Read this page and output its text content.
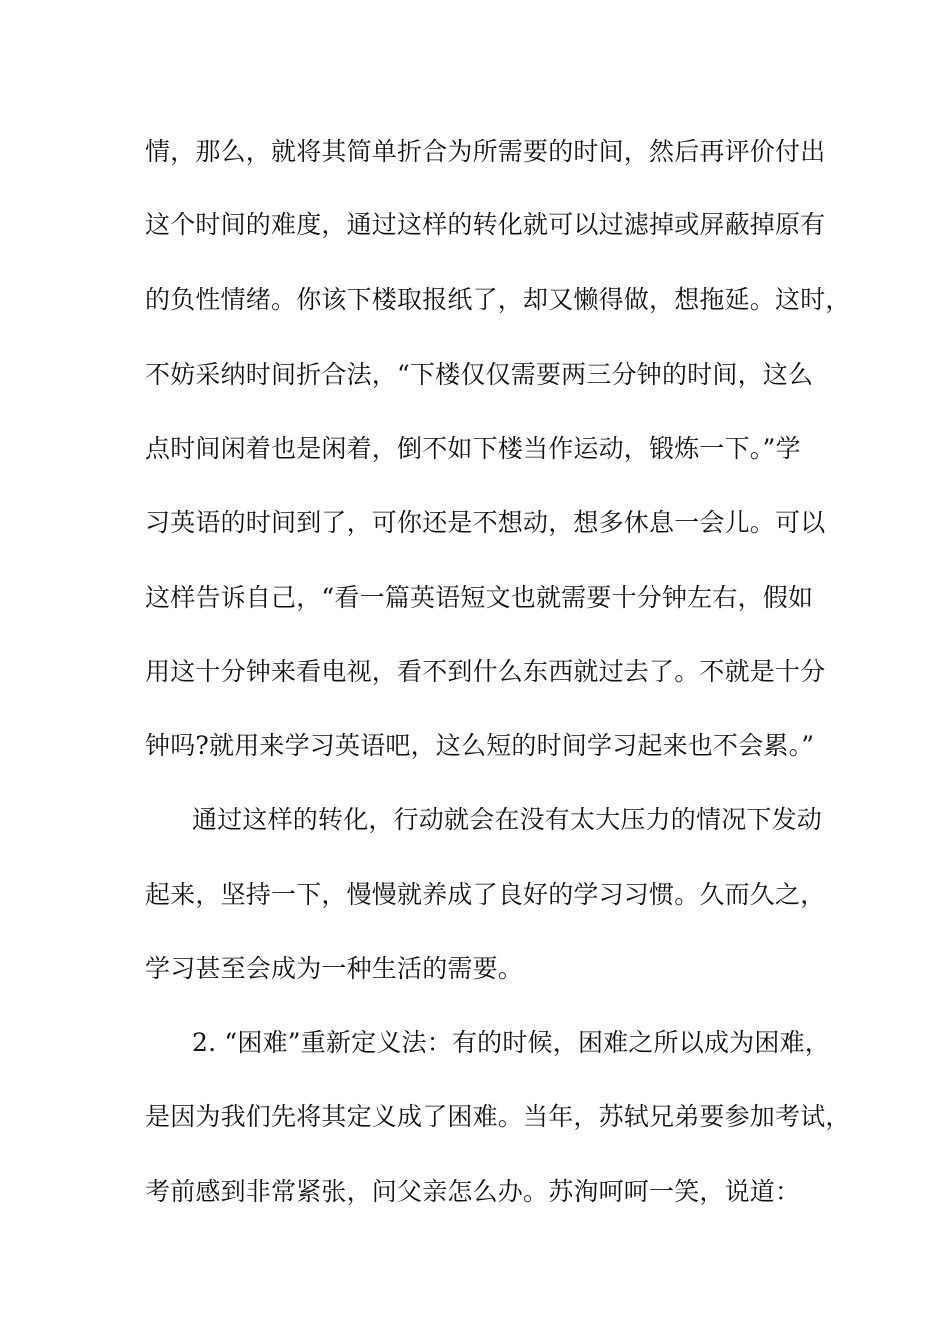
情，那么，就将其简单折合为所需要的时间，然后再评价付出
这个时间的难度，通过这样的转化就可以过滤掉或屏蔽掉原有
的负性情绪。你该下楼取报纸了，却又懒得做，想拖延。这时，
不妨采纳时间折合法，“下楼仅仅需要两三分钟的时间，这么
点时间闲着也是闲着，倒不如下楼当作运动，锻炼一下。”学
习英语的时间到了，可你还是不想动，想多休息一会儿。可以
这样告诉自己，“看一篇英语短文也就需要十分钟左右，假如
用这十分钟来看电视，看不到什么东西就过去了。不就是十分
钟吗?就用来学习英语吧，这么短的时间学习起来也不会累。”
通过这样的转化，行动就会在没有太大压力的情况下发动
起来，坚持一下，慢慢就养成了良好的学习习惯。久而久之，
学习甚至会成为一种生活的需要。
2. “困难”重新定义法：有的时候，困难之所以成为困难，
是因为我们先将其定义成了困难。当年，苏轼兄弟要参加考试，
考前感到非常紧张，问父亲怎么办。苏洵呵呵一笑，说道：
